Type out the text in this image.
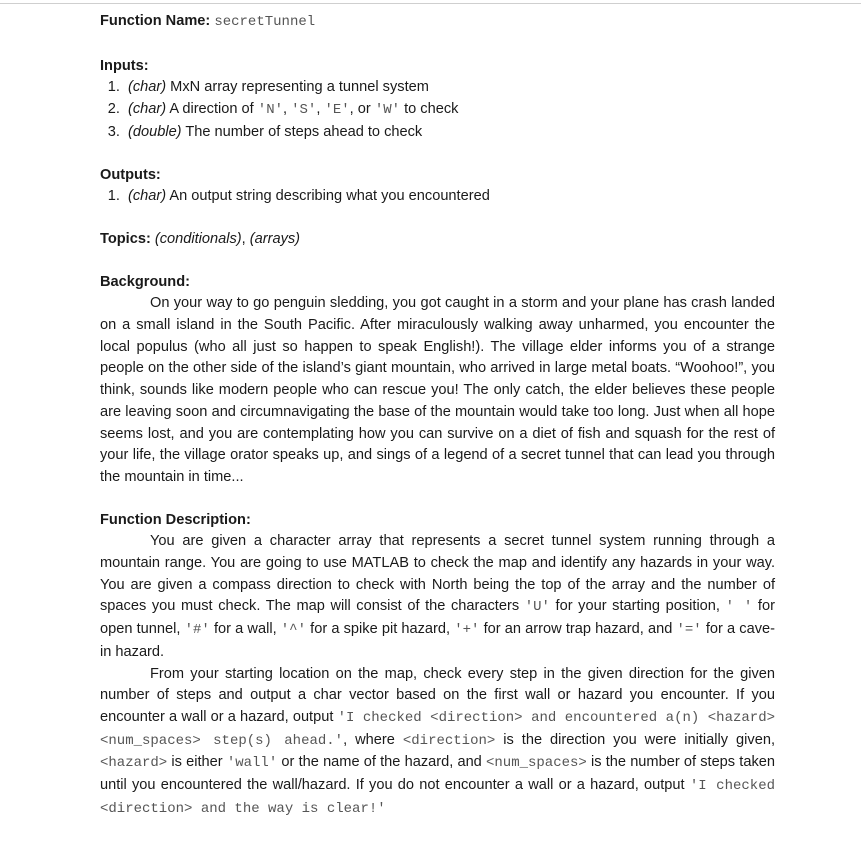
Function Name: secretTunnel

Inputs:

1. (char) MxN array representing a tunnel system
2. (char) A direction of 'N', 'S', 'E', or 'W' to check
3. (double) The number of steps ahead to check

Outputs:

1. (char) An output string describing what you encountered

Topics: (conditionals), (arrays)

Background:

On your way to go penguin sledding, you got caught in a storm and your plane has crash landed on a small island in the South Pacific. After miraculously walking away unharmed, you encounter the local populus (who all just so happen to speak English!). The village elder informs you of a strange people on the other side of the island’s giant mountain, who arrived in large metal boats. “Woohoo!”, you think, sounds like modern people who can rescue you! The only catch, the elder believes these people are leaving soon and circumnavigating the base of the mountain would take too long. Just when all hope seems lost, and you are contemplating how you can survive on a diet of fish and squash for the rest of your life, the village orator speaks up, and sings of a legend of a secret tunnel that can lead you through the mountain in time...

Function Description:

You are given a character array that represents a secret tunnel system running through a mountain range. You are going to use MATLAB to check the map and identify any hazards in your way. You are given a compass direction to check with North being the top of the array and the number of spaces you must check. The map will consist of the characters 'U' for your starting position, ' ' for open tunnel, '#' for a wall, '^' for a spike pit hazard, '+' for an arrow trap hazard, and '=' for a cave-in hazard.

From your starting location on the map, check every step in the given direction for the given number of steps and output a char vector based on the first wall or hazard you encounter. If you encounter a wall or a hazard, output 'I checked <direction> and encountered a(n) <hazard> <num_spaces> step(s) ahead.', where <direction> is the direction you were initially given, <hazard> is either 'wall' or the name of the hazard, and <num_spaces> is the number of steps taken until you encountered the wall/hazard. If you do not encounter a wall or a hazard, output 'I checked <direction> and the way is clear!'
